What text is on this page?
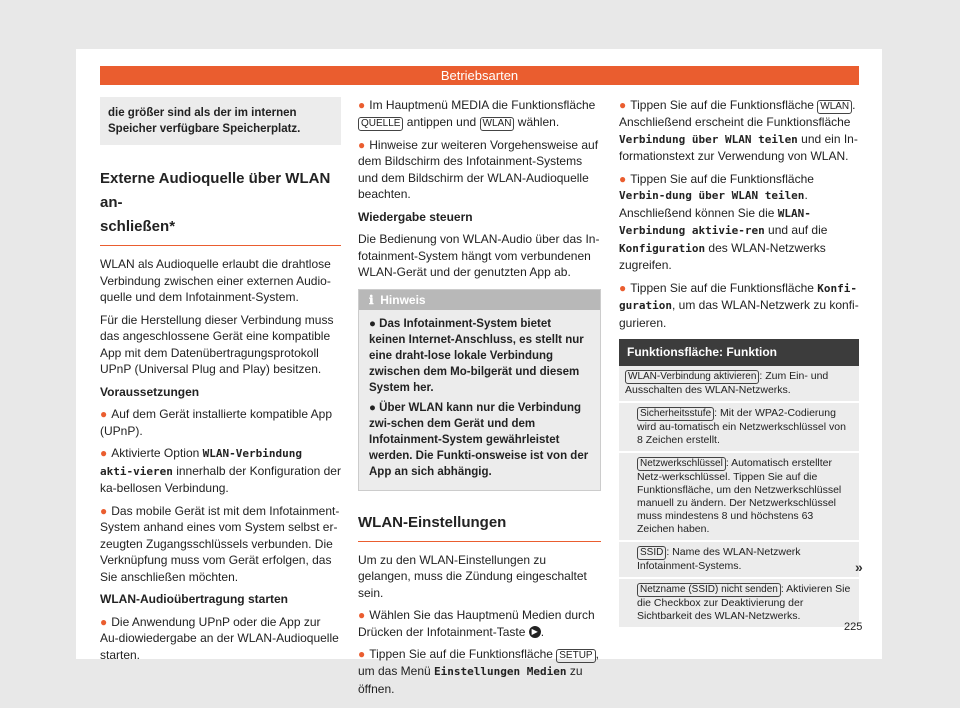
Betriebsarten
die größer sind als der im internen Speicher verfügbare Speicherplatz.
Externe Audioquelle über WLAN an-
schließen*

WLAN als Audioquelle erlaubt die drahtlose Verbindung zwischen einer externen Audio-quelle und dem Infotainment-System.

Für die Herstellung dieser Verbindung muss das angeschlossene Gerät eine kompatible App mit dem Datenübertragungsprotokoll UPnP (Universal Plug and Play) besitzen.

Voraussetzungen

● Auf dem Gerät installierte kompatible App (UPnP).

● Aktivierte Option WLAN-Verbindung akti-vieren innerhalb der Konfiguration der ka-bellosen Verbindung.

● Das mobile Gerät ist mit dem Infotainment-System anhand eines vom System selbst er-zeugten Zugangsschlüssels verbunden. Die Verknüpfung muss vom Gerät erfolgen, das Sie anschließen möchten.

WLAN-Audioübertragung starten

● Die Anwendung UPnP oder die App zur Au-diowiedergabe an der WLAN-Audioquelle starten.

● Im Hauptmenü MEDIA die Funktionsfläche QUELLE antippen und WLAN wählen.

● Hinweise zur weiteren Vorgehensweise auf dem Bildschirm des Infotainment-Systems und dem Bildschirm der WLAN-Audioquelle beachten.

Wiedergabe steuern

Die Bedienung von WLAN-Audio über das In-fotainment-System hängt vom verbundenen WLAN-Gerät und der genutzten App ab.

ℹ Hinweis

● Das Infotainment-System bietet keinen Internet-Anschluss, es stellt nur eine draht-lose lokale Verbindung zwischen dem Mo-bilgerät und diesem System her.

● Über WLAN kann nur die Verbindung zwi-schen dem Gerät und dem Infotainment-System gewährleistet werden. Die Funkti-onsweise ist von der App an sich abhängig.

WLAN-Einstellungen

Um zu den WLAN-Einstellungen zu gelangen, muss die Zündung eingeschaltet sein.

● Wählen Sie das Hauptmenü Medien durch Drücken der Infotainment-Taste ▶ .

● Tippen Sie auf die Funktionsfläche SETUP , um das Menü Einstellungen Medien zu öffnen.

● Tippen Sie auf die Funktionsfläche WLAN . Anschließend erscheint die Funktionsfläche Verbindung über WLAN teilen und ein In-formationstext zur Verwendung von WLAN.

● Tippen Sie auf die Funktionsfläche Verbin-dung über WLAN teilen. Anschließend können Sie die WLAN-Verbindung aktivie-ren und auf die Konfiguration des WLAN-Netzwerks zugreifen.

● Tippen Sie auf die Funktionsfläche Konfi-guration, um das WLAN-Netzwerk zu konfi-gurieren.

Funktionsfläche: Funktion
WLAN-Verbindung aktivieren : Zum Ein- und Ausschalten des WLAN-Netzwerks.
Sicherheitsstufe : Mit der WPA2-Codierung wird au-tomatisch ein Netzwerkschlüssel von 8 Zeichen erstellt.
Netzwerkschlüssel : Automatisch erstellter Netz-werkschlüssel. Tippen Sie auf die Funktionsfläche, um den Netzwerkschlüssel manuell zu ändern. Der Netzwerkschlüssel muss mindestens 8 und höchstens 63 Zeichen haben.
SSID : Name des WLAN-Netzwerk Infotainment-Systems.
Netzname (SSID) nicht senden : Aktivieren Sie die Checkbox zur Deaktivierung der Sichtbarkeit des WLAN-Netzwerks.
»
225
